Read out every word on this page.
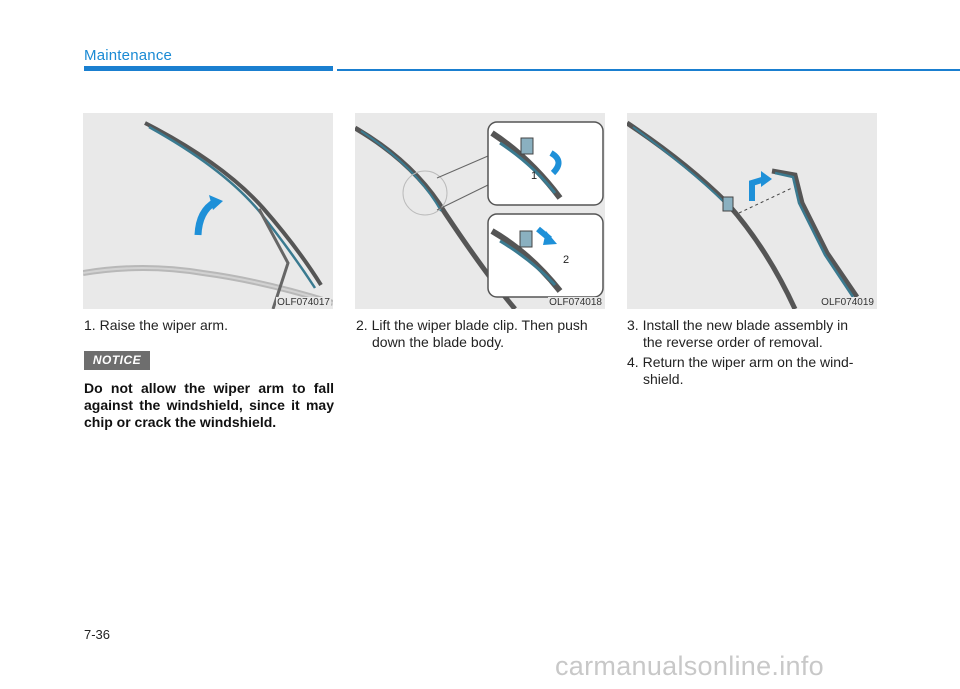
Maintenance
OLF074017
1
2
OLF074018	OLF074019
1. Raise the wiper arm.
NOTICE
Do not allow the wiper arm to fall against the windshield, since it may chip or crack the windshield.
2. Lift the wiper blade clip. Then push
down the blade body.
3. Install the new blade assembly in
the reverse order of removal.
4. Return the wiper arm on the wind-
shield.
7-36
carmanualsonline.info
